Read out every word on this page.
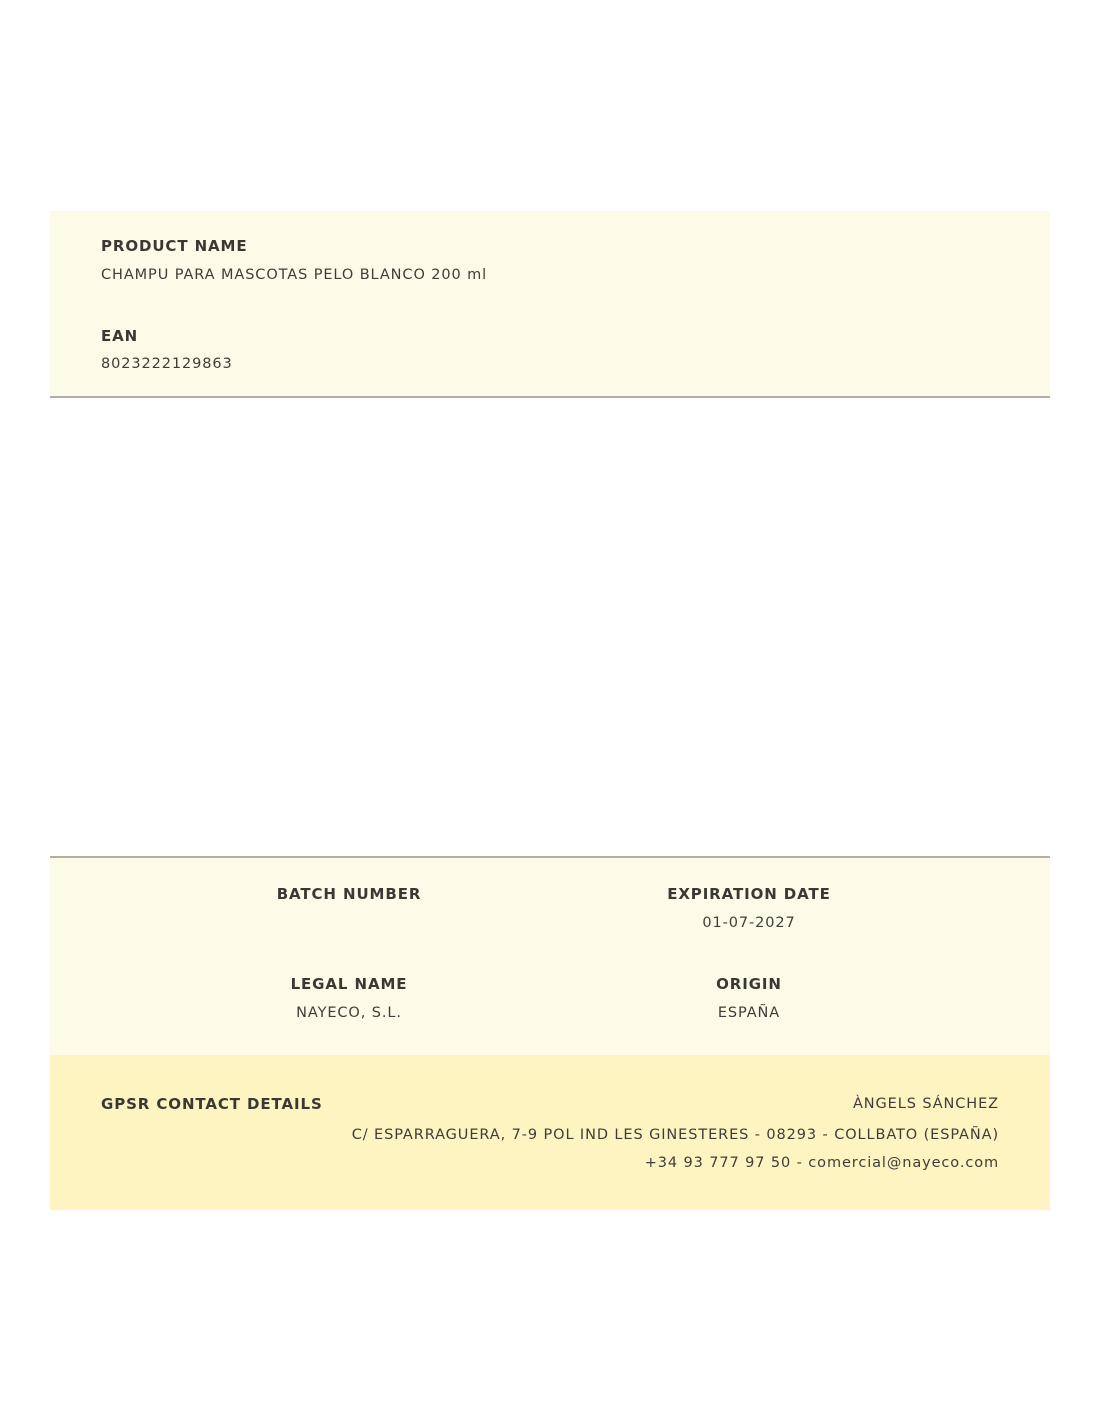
PRODUCT NAME
CHAMPU PARA MASCOTAS PELO BLANCO 200 ml
EAN
8023222129863
BATCH NUMBER	EXPIRATION DATE
01-07-2027
LEGAL NAME
NAYECO, S.L.
ORIGIN
ESPAÑA
GPSR CONTACT DETAILS	ÀNGELS SÁNCHEZ
C/ ESPARRAGUERA, 7-9 POL IND LES GINESTERES - 08293 - COLLBATO (ESPAÑA)
+34 93 777 97 50 - comercial@nayeco.com
